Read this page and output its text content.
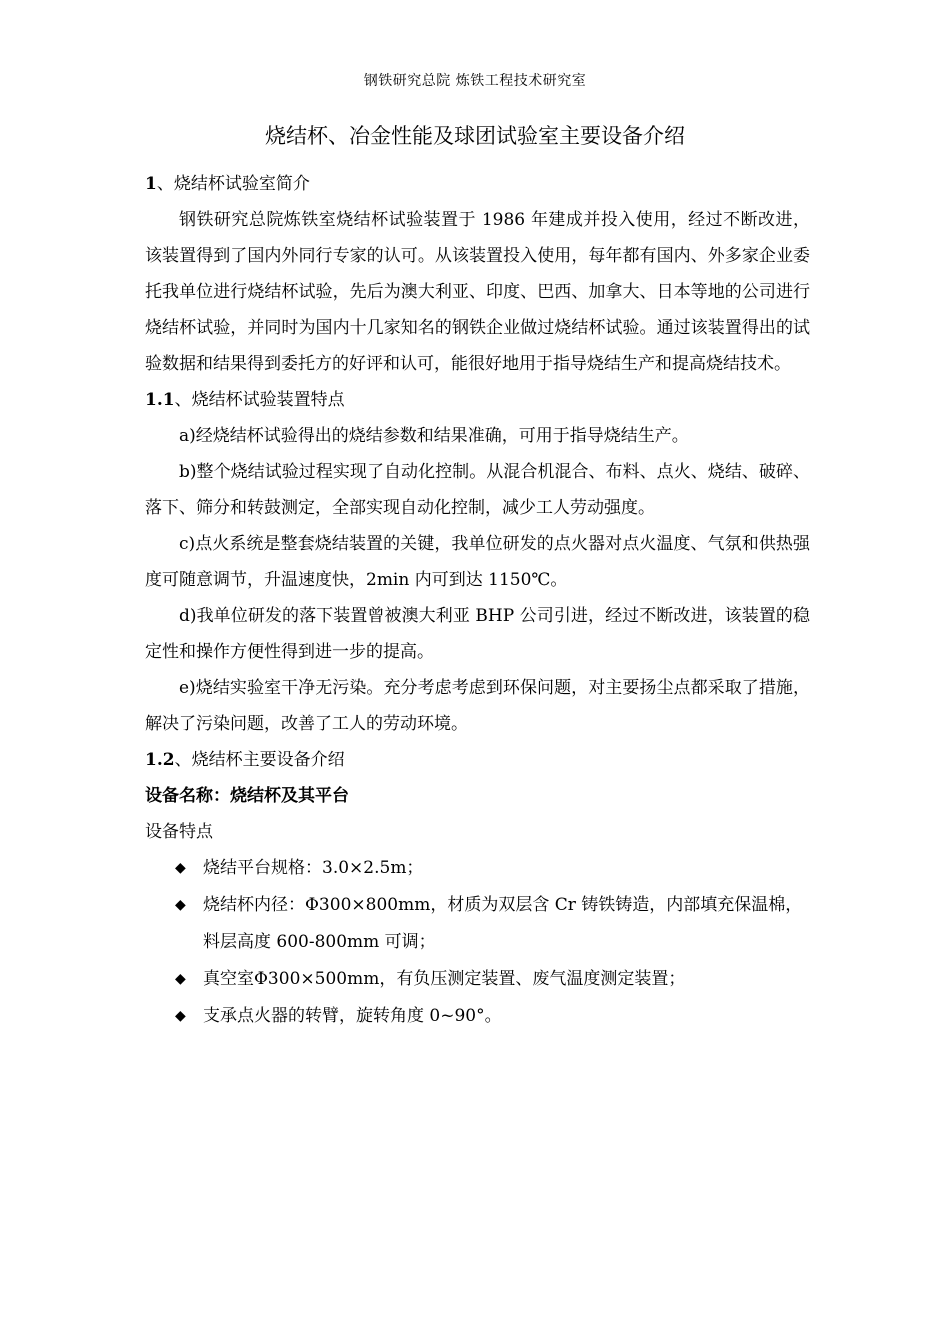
钢铁研究总院 炼铁工程技术研究室
烧结杯、冶金性能及球团试验室主要设备介绍
1、烧结杯试验室简介

钢铁研究总院炼铁室烧结杯试验装置于 1986 年建成并投入使用，经过不断改进，该装置得到了国内外同行专家的认可。从该装置投入使用，每年都有国内、外多家企业委托我单位进行烧结杯试验，先后为澳大利亚、印度、巴西、加拿大、日本等地的公司进行烧结杯试验，并同时为国内十几家知名的钢铁企业做过烧结杯试验。通过该装置得出的试验数据和结果得到委托方的好评和认可，能很好地用于指导烧结生产和提高烧结技术。

1.1、烧结杯试验装置特点

a)经烧结杯试验得出的烧结参数和结果准确，可用于指导烧结生产。

b)整个烧结试验过程实现了自动化控制。从混合机混合、布料、点火、烧结、破碎、落下、筛分和转鼓测定，全部实现自动化控制，减少工人劳动强度。

c)点火系统是整套烧结装置的关键，我单位研发的点火器对点火温度、气氛和供热强度可随意调节，升温速度快，2min 内可到达 1150℃。

d)我单位研发的落下装置曾被澳大利亚 BHP 公司引进，经过不断改进，该装置的稳定性和操作方便性得到进一步的提高。

e)烧结实验室干净无污染。充分考虑考虑到环保问题，对主要扬尘点都采取了措施，解决了污染问题，改善了工人的劳动环境。

1.2、烧结杯主要设备介绍
设备名称：烧结杯及其平台
设备特点
◆ 烧结平台规格：3.0×2.5m；
◆ 烧结杯内径：Φ300×800mm，材质为双层含 Cr 铸铁铸造，内部填充保温棉，料层高度 600-800mm 可调；
◆ 真空室Φ300×500mm，有负压测定装置、废气温度测定装置；
◆ 支承点火器的转臂，旋转角度 0~90°。
